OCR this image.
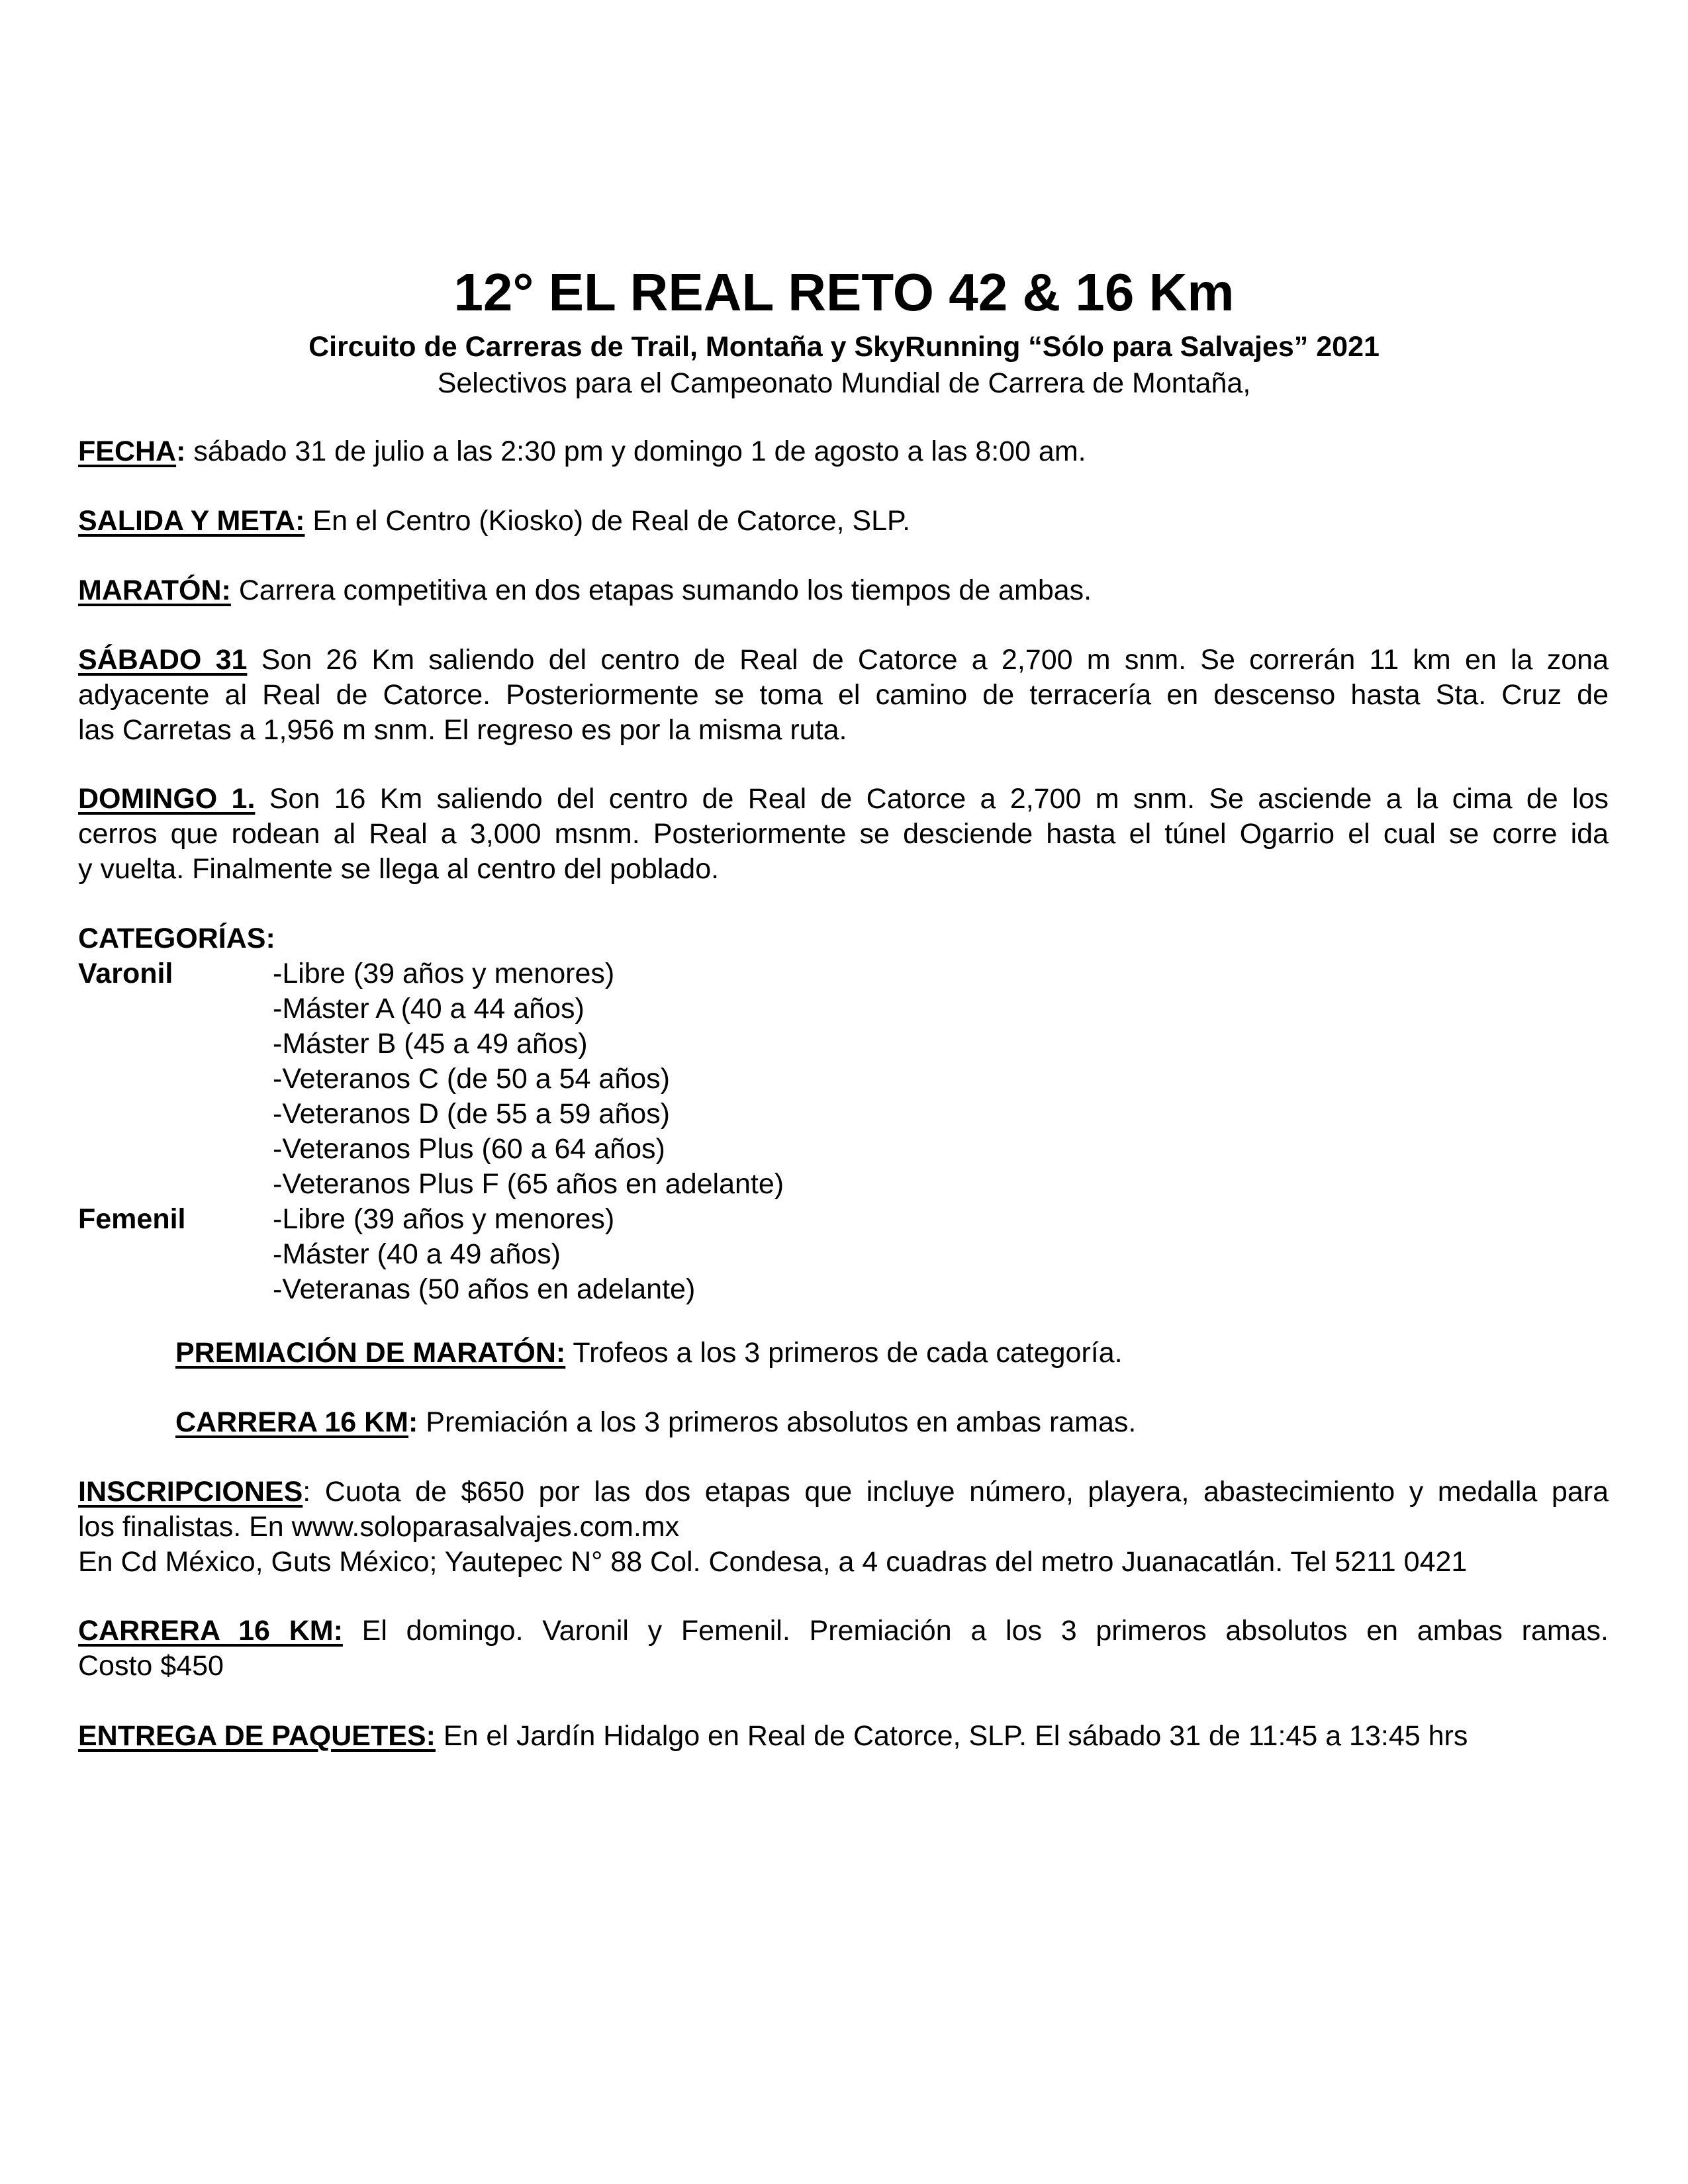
12° EL REAL RETO 42 & 16 Km
Circuito de Carreras de Trail, Montaña y SkyRunning “Sólo para Salvajes” 2021
Selectivos para el Campeonato Mundial de Carrera de Montaña,
FECHA: sábado 31 de julio a las 2:30 pm y domingo 1 de agosto a las 8:00 am.
SALIDA Y META: En el Centro (Kiosko) de Real de Catorce, SLP.
MARATÓN: Carrera competitiva en dos etapas sumando los tiempos de ambas.
SÁBADO 31 Son 26 Km saliendo del centro de Real de Catorce a 2,700 m snm. Se correrán 11 km en la zona
adyacente al Real de Catorce. Posteriormente se toma el camino de terracería en descenso hasta Sta. Cruz de
las Carretas a 1,956 m snm. El regreso es por la misma ruta.
DOMINGO 1. Son 16 Km saliendo del centro de Real de Catorce a 2,700 m snm. Se asciende a la cima de los
cerros que rodean al Real a 3,000 msnm. Posteriormente se desciende hasta el túnel Ogarrio el cual se corre ida
y vuelta. Finalmente se llega al centro del poblado.
CATEGORÍAS:
Varonil	-Libre (39 años y menores)
-Máster A (40 a 44 años)
-Máster B (45 a 49 años)
-Veteranos C (de 50 a 54 años)
-Veteranos D (de 55 a 59 años)
-Veteranos Plus (60 a 64 años)
-Veteranos Plus F (65 años en adelante)
Femenil	-Libre (39 años y menores)
-Máster (40 a 49 años)
-Veteranas (50 años en adelante)
PREMIACIÓN DE MARATÓN: Trofeos a los 3 primeros de cada categoría.
CARRERA 16 KM: Premiación a los 3 primeros absolutos en ambas ramas.
INSCRIPCIONES: Cuota de $650 por las dos etapas que incluye número, playera, abastecimiento y medalla para
los finalistas. En www.soloparasalvajes.com.mx
En Cd México, Guts México; Yautepec N° 88 Col. Condesa, a 4 cuadras del metro Juanacatlán. Tel 5211 0421
CARRERA 16 KM: El domingo. Varonil y Femenil. Premiación a los 3 primeros absolutos en ambas ramas.
Costo $450
ENTREGA DE PAQUETES: En el Jardín Hidalgo en Real de Catorce, SLP. El sábado 31 de 11:45 a 13:45 hrs
